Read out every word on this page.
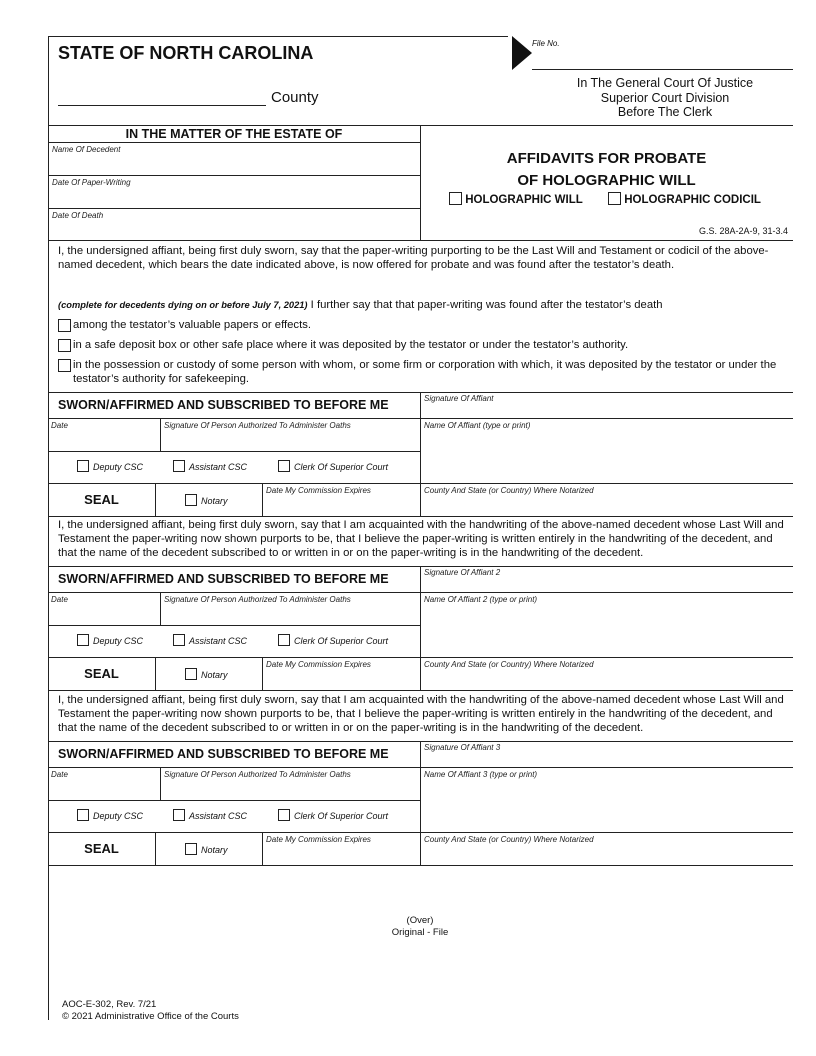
STATE OF NORTH CAROLINA
County
File No.
In The General Court Of Justice
Superior Court Division
Before The Clerk
IN THE MATTER OF THE ESTATE OF
Name Of Decedent
Date Of Paper-Writing
Date Of Death
AFFIDAVITS FOR PROBATE
OF HOLOGRAPHIC WILL
HOLOGRAPHIC WILL	HOLOGRAPHIC CODICIL
G.S. 28A-2A-9, 31-3.4
I, the undersigned affiant, being first duly sworn, say that the paper-writing purporting to be the Last Will and Testament or codicil of the above-named decedent, which bears the date indicated above, is now offered for probate and was found after the testator’s death.
(complete for decedents dying on or before July 7, 2021) I further say that that paper-writing was found after the testator’s death
among the testator’s valuable papers or effects.
in a safe deposit box or other safe place where it was deposited by the testator or under the testator’s authority.
in the possession or custody of some person with whom, or some firm or corporation with which, it was deposited by the testator or under the testator’s authority for safekeeping.
SWORN/AFFIRMED AND SUBSCRIBED TO BEFORE ME	Signature Of Affiant
Date	Signature Of Person Authorized To Administer Oaths	Name Of Affiant (type or print)
Deputy CSC	Assistant CSC	Clerk Of Superior Court
SEAL	Notary
Date My Commission Expires	County And State (or Country) Where Notarized
I, the undersigned affiant, being first duly sworn, say that I am acquainted with the handwriting of the above-named decedent whose Last Will and Testament the paper-writing now shown purports to be, that I believe the paper-writing is written entirely in the handwriting of the decedent, and that the name of the decedent subscribed to or written in or on the paper-writing is in the handwriting of the decedent.
SWORN/AFFIRMED AND SUBSCRIBED TO BEFORE ME	Signature Of Affiant 2
Date	Signature Of Person Authorized To Administer Oaths	Name Of Affiant 2 (type or print)
Deputy CSC	Assistant CSC	Clerk Of Superior Court
SEAL	Notary
Date My Commission Expires	County And State (or Country) Where Notarized
I, the undersigned affiant, being first duly sworn, say that I am acquainted with the handwriting of the above-named decedent whose Last Will and Testament the paper-writing now shown purports to be, that I believe the paper-writing is written entirely in the handwriting of the decedent, and that the name of the decedent subscribed to or written in or on the paper-writing is in the handwriting of the decedent.
SWORN/AFFIRMED AND SUBSCRIBED TO BEFORE ME	Signature Of Affiant 3
Date	Signature Of Person Authorized To Administer Oaths	Name Of Affiant 3 (type or print)
Deputy CSC	Assistant CSC	Clerk Of Superior Court
SEAL	Notary
Date My Commission Expires	County And State (or Country) Where Notarized
(Over)
Original - File
AOC-E-302, Rev. 7/21
© 2021 Administrative Office of the Courts
